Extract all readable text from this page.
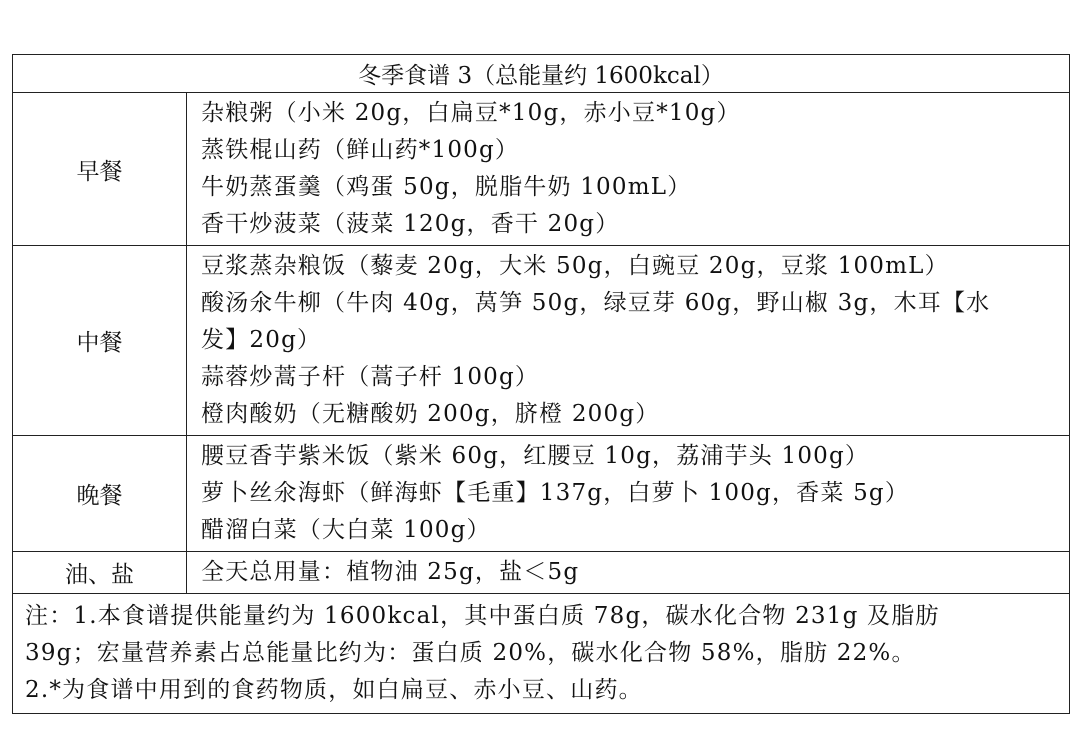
冬季食谱 3（总能量约 1600kcal）
早餐
杂粮粥（小米 20g，白扁豆*10g，赤小豆*10g）
蒸铁棍山药（鲜山药*100g）
牛奶蒸蛋羹（鸡蛋 50g，脱脂牛奶 100mL）
香干炒菠菜（菠菜 120g，香干 20g）
中餐
豆浆蒸杂粮饭（藜麦 20g，大米 50g，白豌豆 20g，豆浆 100mL）
酸汤氽牛柳（牛肉 40g，莴笋 50g，绿豆芽 60g，野山椒 3g，木耳【水
发】20g）
蒜蓉炒蒿子杆（蒿子杆 100g）
橙肉酸奶（无糖酸奶 200g，脐橙 200g）
晚餐
腰豆香芋紫米饭（紫米 60g，红腰豆 10g，荔浦芋头 100g）
萝卜丝氽海虾（鲜海虾【毛重】137g，白萝卜 100g，香菜 5g）
醋溜白菜（大白菜 100g）
油、盐	全天总用量：植物油 25g，盐＜5g
注：1.本食谱提供能量约为 1600kcal，其中蛋白质 78g，碳水化合物 231g 及脂肪
39g；宏量营养素占总能量比约为：蛋白质 20%，碳水化合物 58%，脂肪 22%。
2.*为食谱中用到的食药物质，如白扁豆、赤小豆、山药。
